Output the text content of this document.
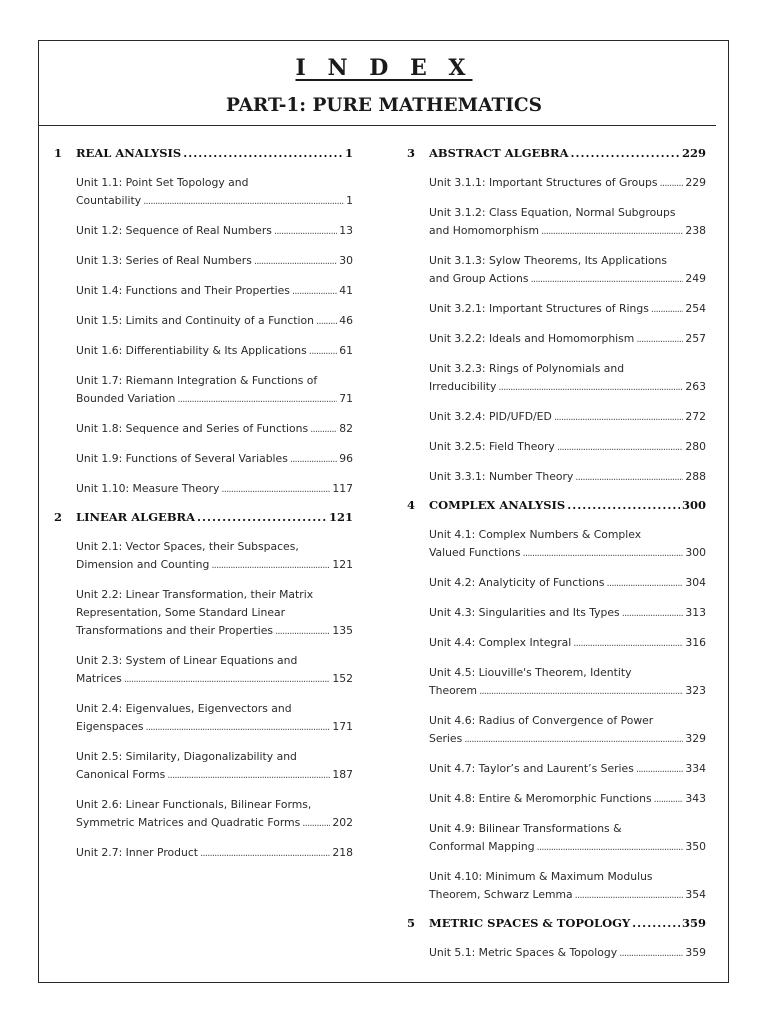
I N D E X
PART-1: PURE MATHEMATICS
1	REAL ANALYSIS . . .	1
Unit 1.1: Point Set Topology and
Countability . . .	1
Unit 1.2: Sequence of Real Numbers . . .	13
Unit 1.3: Series of Real Numbers . . .	30
Unit 1.4: Functions and Their Properties . . .	41
Unit 1.5: Limits and Continuity of a Function . . . 46
Unit 1.6: Differentiability & Its Applications . . .	61
Unit 1.7: Riemann Integration & Functions of
Bounded Variation . . .	71
Unit 1.8: Sequence and Series of Functions . . .	82
Unit 1.9: Functions of Several Variables . . .	96
Unit 1.10: Measure Theory . . .	117
2	LINEAR ALGEBRA . . .	121
Unit 2.1: Vector Spaces, their Subspaces,
Dimension and Counting . . .	121
Unit 2.2: Linear Transformation, their Matrix
Representation, Some Standard Linear
Transformations and their Properties . . .	135
Unit 2.3: System of Linear Equations and
Matrices . . .	152
Unit 2.4: Eigenvalues, Eigenvectors and
Eigenspaces . . .	171
Unit 2.5: Similarity, Diagonalizability and
Canonical Forms . . .	187
Unit 2.6: Linear Functionals, Bilinear Forms,
Symmetric Matrices and Quadratic Forms . . .	202
Unit 2.7: Inner Product . . .	218
3	ABSTRACT ALGEBRA . . .	229
Unit 3.1.1: Important Structures of Groups . . .	229
Unit 3.1.2: Class Equation, Normal Subgroups
and Homomorphism . . .	238
Unit 3.1.3: Sylow Theorems, Its Applications
and Group Actions . . .	249
Unit 3.2.1: Important Structures of Rings . . .	254
Unit 3.2.2: Ideals and Homomorphism . . .	257
Unit 3.2.3: Rings of Polynomials and
Irreducibility . . .	263
Unit 3.2.4: PID/UFD/ED . . .	272
Unit 3.2.5: Field Theory . . .	280
Unit 3.3.1: Number Theory . . .	288
4	COMPLEX ANALYSIS . . .	300
Unit 4.1: Complex Numbers & Complex
Valued Functions . . .	300
Unit 4.2: Analyticity of Functions . . .	304
Unit 4.3: Singularities and Its Types . . .	313
Unit 4.4: Complex Integral . . .	316
Unit 4.5: Liouville's Theorem, Identity
Theorem . . .	323
Unit 4.6: Radius of Convergence of Power
Series . . .	329
Unit 4.7: Taylor’s and Laurent’s Series . . .	334
Unit 4.8: Entire & Meromorphic Functions . . .	343
Unit 4.9: Bilinear Transformations &
Conformal Mapping . . .	350
Unit 4.10: Minimum & Maximum Modulus
Theorem, Schwarz Lemma . . .	354
5	METRIC SPACES & TOPOLOGY . . .	359
Unit 5.1: Metric Spaces & Topology . . .	359
